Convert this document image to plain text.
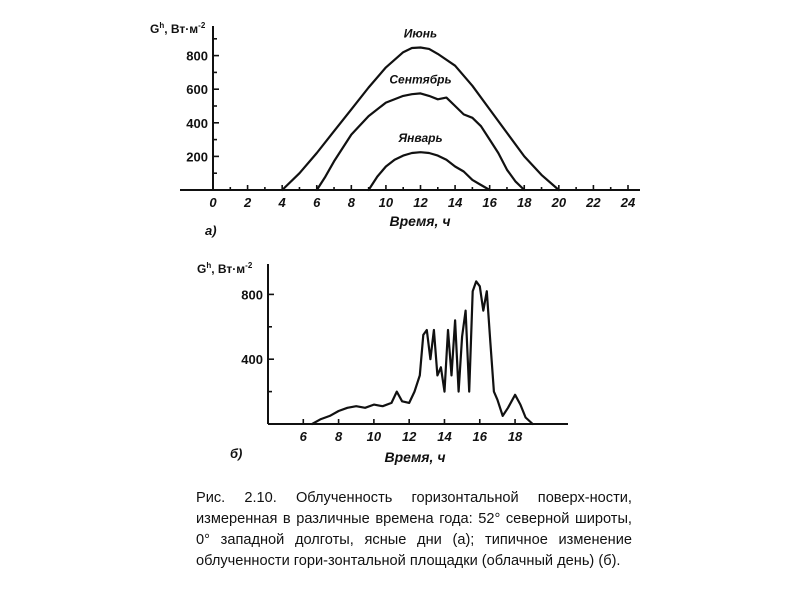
0 2 4 6 8 10 12 14 16 18 20 22 24
200
400
600
800
$G^h$, $Вт\cdot м^{-2}$
Время, ч
а)
Июнь
Сентябрь
Январь
6 8 10 12 14 16 18
400
800
$G^h$, $Вт\cdot м^{-2}$
Время, ч
б)
Рис. 2.10. Облученность горизонтальной поверх-ности, измеренная в различные времена года: 52° северной широты, 0° западной долготы, ясные дни (а); типичное изменение облученности гори-зонтальной площадки (облачный день) (б).
